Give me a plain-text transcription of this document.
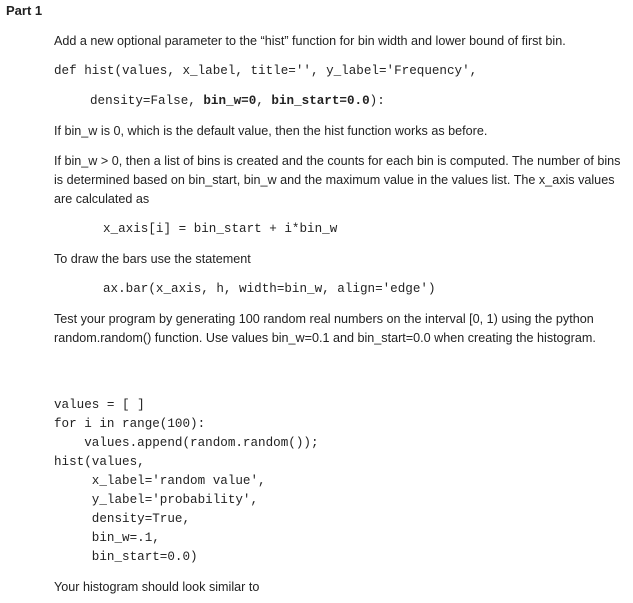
Part 1
Add a new optional parameter to the “hist” function for bin width and lower bound of first bin.
def hist(values, x_label, title='', y_label='Frequency',
density=False, bin_w=0, bin_start=0.0):
If bin_w is 0, which is the default value, then the hist function works as before.
If bin_w > 0, then a list of bins is created and the counts for each bin is computed. The number of bins is determined based on bin_start, bin_w and the maximum value in the values list. The x_axis values are calculated as
x_axis[i] = bin_start + i*bin_w
To draw the bars use the statement
ax.bar(x_axis, h, width=bin_w, align='edge')
Test your program by generating 100 random real numbers on the interval [0, 1) using the python random.random() function. Use values bin_w=0.1 and bin_start=0.0 when creating the histogram.

values = [ ]
for i in range(100):
values.append(random.random());
hist(values,
x_label='random value',
y_label='probability',
density=True,
bin_w=.1,
bin_start=0.0)

Your histogram should look similar to
